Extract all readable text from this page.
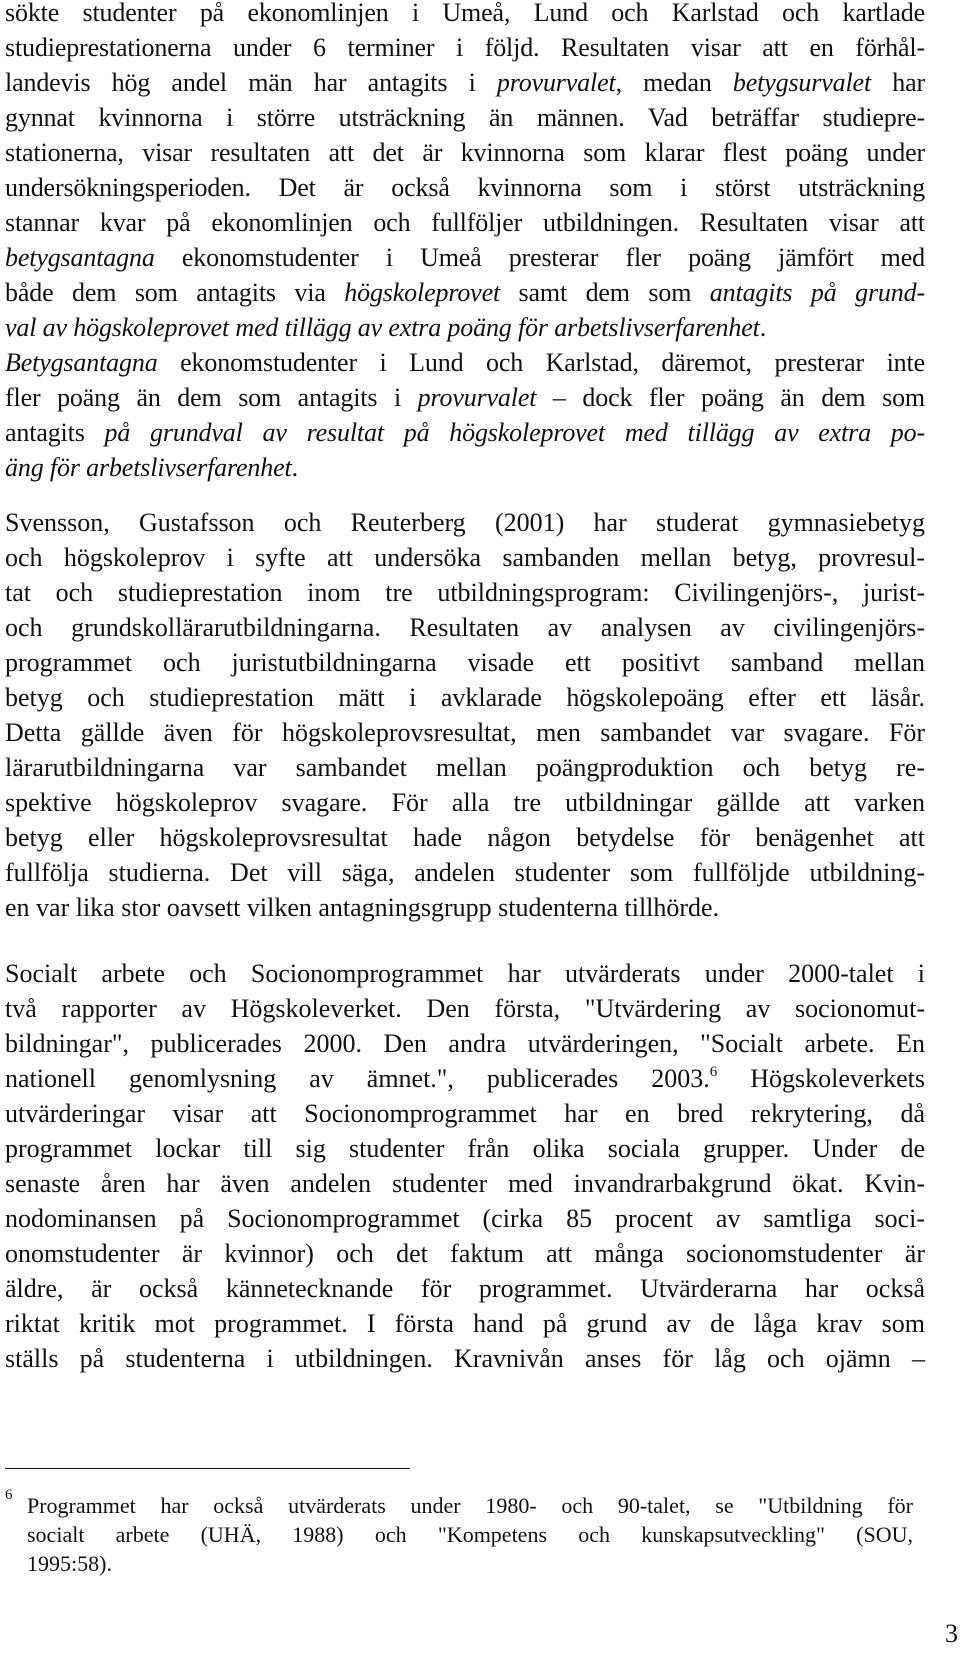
sökte studenter på ekonomlinjen i Umeå, Lund och Karlstad och kartlade
studieprestationerna under 6 terminer i följd. Resultaten visar att en förhål-
landevis hög andel män har antagits i provurvalet, medan betygsurvalet har
gynnat kvinnorna i större utsträckning än männen. Vad beträffar studiepre-
stationerna, visar resultaten att det är kvinnorna som klarar flest poäng under
undersökningsperioden. Det är också kvinnorna som i störst utsträckning
stannar kvar på ekonomlinjen och fullföljer utbildningen. Resultaten visar att
betygsantagna ekonomstudenter i Umeå presterar fler poäng jämfört med
både dem som antagits via högskoleprovet samt dem som antagits på grund-
val av högskoleprovet med tillägg av extra poäng för arbetslivserfarenhet.
Betygsantagna ekonomstudenter i Lund och Karlstad, däremot, presterar inte
fler poäng än dem som antagits i provurvalet – dock fler poäng än dem som
antagits på grundval av resultat på högskoleprovet med tillägg av extra po-
äng för arbetslivserfarenhet.
Svensson, Gustafsson och Reuterberg (2001) har studerat gymnasiebetyg
och högskoleprov i syfte att undersöka sambanden mellan betyg, provresul-
tat och studieprestation inom tre utbildningsprogram: Civilingenjörs-, jurist-
och grundskollärarutbildningarna. Resultaten av analysen av civilingenjörs-
programmet och juristutbildningarna visade ett positivt samband mellan
betyg och studieprestation mätt i avklarade högskolepoäng efter ett läsår.
Detta gällde även för högskoleprovsresultat, men sambandet var svagare. För
lärarutbildningarna var sambandet mellan poängproduktion och betyg re-
spektive högskoleprov svagare. För alla tre utbildningar gällde att varken
betyg eller högskoleprovsresultat hade någon betydelse för benägenhet att
fullfölja studierna. Det vill säga, andelen studenter som fullföljde utbildning-
en var lika stor oavsett vilken antagningsgrupp studenterna tillhörde.
Socialt arbete och Socionomprogrammet har utvärderats under 2000-talet i
två rapporter av Högskoleverket. Den första, "Utvärdering av socionomut-
bildningar", publicerades 2000. Den andra utvärderingen, "Socialt arbete. En
nationell genomlysning av ämnet.", publicerades 2003.$^6$ Högskoleverkets
utvärderingar visar att Socionomprogrammet har en bred rekrytering, då
programmet lockar till sig studenter från olika sociala grupper. Under de
senaste åren har även andelen studenter med invandrarbakgrund ökat. Kvin-
nodominansen på Socionomprogrammet (cirka 85 procent av samtliga soci-
onomstudenter är kvinnor) och det faktum att många socionomstudenter är
äldre, är också kännetecknande för programmet. Utvärderarna har också
riktat kritik mot programmet. I första hand på grund av de låga krav som
ställs på studenterna i utbildningen. Kravnivån anses för låg och ojämn –
6 Programmet har också utvärderats under 1980- och 90-talet, se "Utbildning för
socialt arbete (UHÄ, 1988) och "Kompetens och kunskapsutveckling" (SOU,
1995:58).
3
